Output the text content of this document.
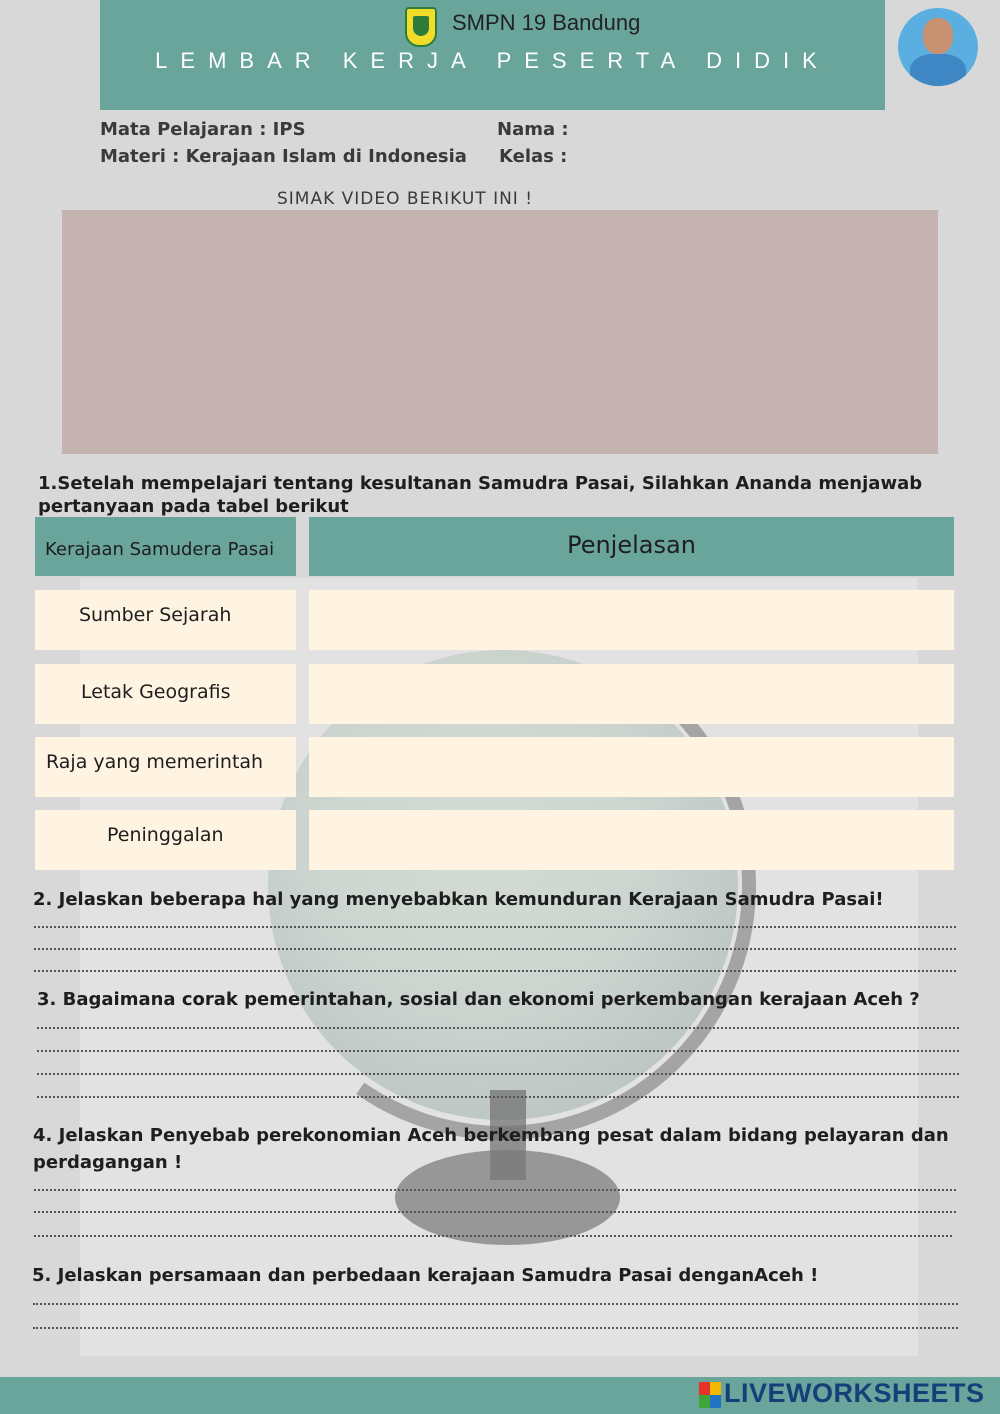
SMPN 19 Bandung
LEMBAR KERJA PESERTA DIDIK
Mata Pelajaran : IPS
Materi : Kerajaan Islam di Indonesia
Nama :
Kelas :
SIMAK VIDEO BERIKUT INI !
1.Setelah mempelajari tentang kesultanan Samudra Pasai, Silahkan Ananda menjawab pertanyaan pada tabel berikut
Kerajaan Samudera Pasai	Penjelasan
Sumber Sejarah
Letak Geografis
Raja yang memerintah
Peninggalan
2. Jelaskan beberapa hal yang menyebabkan kemunduran Kerajaan Samudra Pasai!
3. Bagaimana corak pemerintahan, sosial dan ekonomi perkembangan kerajaan Aceh ?
4. Jelaskan Penyebab perekonomian Aceh berkembang pesat dalam bidang pelayaran dan perdagangan !
5. Jelaskan persamaan dan perbedaan kerajaan Samudra Pasai denganAceh !
LIVEWORKSHEETS
